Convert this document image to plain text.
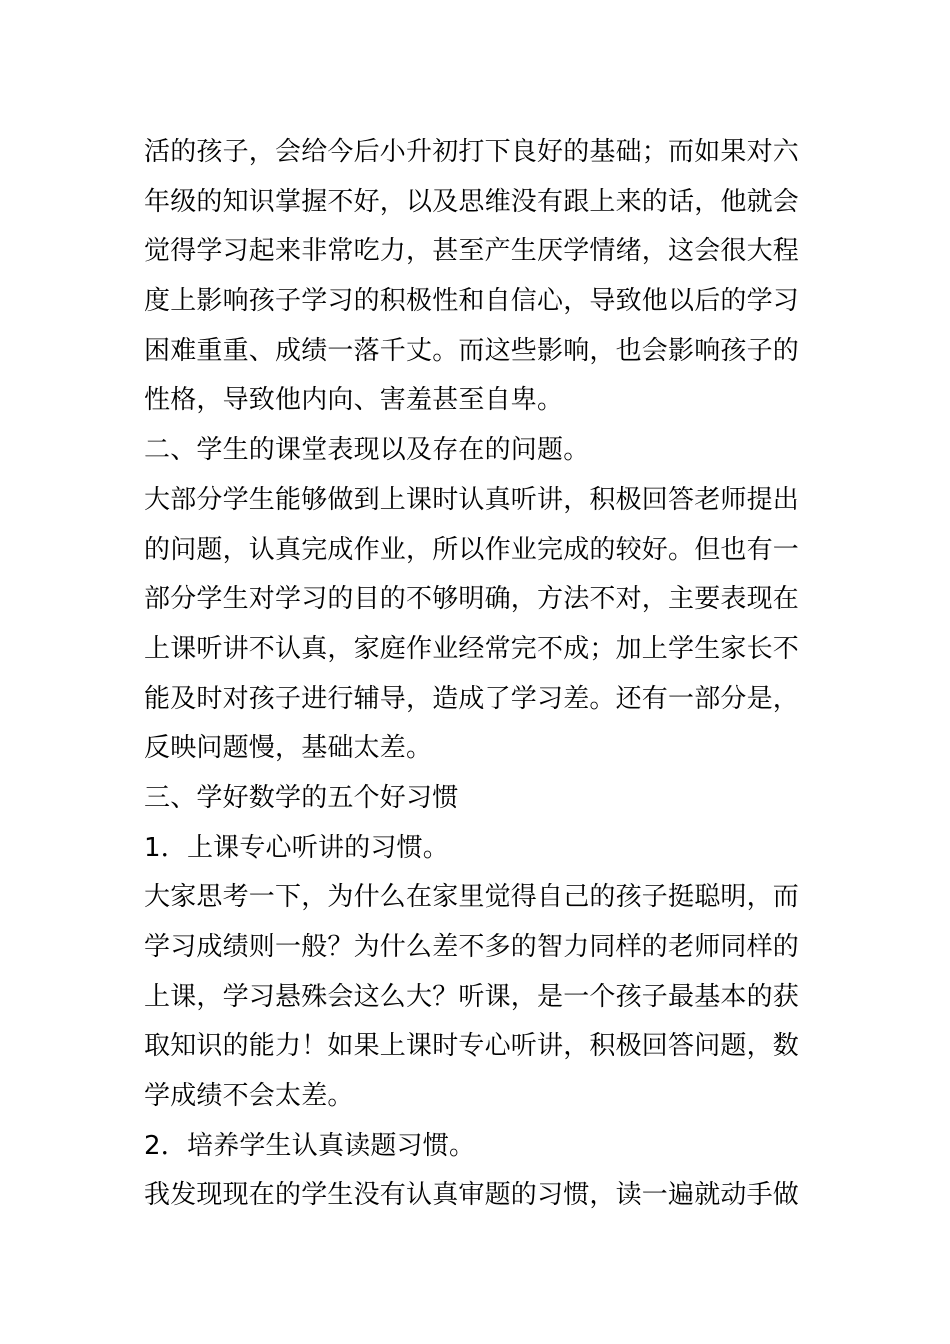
活的孩子，会给今后小升初打下良好的基础；而如果对六
年级的知识掌握不好，以及思维没有跟上来的话，他就会
觉得学习起来非常吃力，甚至产生厌学情绪，这会很大程
度上影响孩子学习的积极性和自信心，导致他以后的学习
困难重重、成绩一落千丈。而这些影响，也会影响孩子的
性格，导致他内向、害羞甚至自卑。
二、学生的课堂表现以及存在的问题。
大部分学生能够做到上课时认真听讲，积极回答老师提出
的问题，认真完成作业，所以作业完成的较好。但也有一
部分学生对学习的目的不够明确，方法不对，主要表现在
上课听讲不认真，家庭作业经常完不成；加上学生家长不
能及时对孩子进行辅导，造成了学习差。还有一部分是，
反映问题慢，基础太差。
三、学好数学的五个好习惯
1．上课专心听讲的习惯。
大家思考一下，为什么在家里觉得自己的孩子挺聪明，而
学习成绩则一般？为什么差不多的智力同样的老师同样的
上课，学习悬殊会这么大？听课，是一个孩子最基本的获
取知识的能力！如果上课时专心听讲，积极回答问题，数
学成绩不会太差。
2．培养学生认真读题习惯。
我发现现在的学生没有认真审题的习惯，读一遍就动手做
